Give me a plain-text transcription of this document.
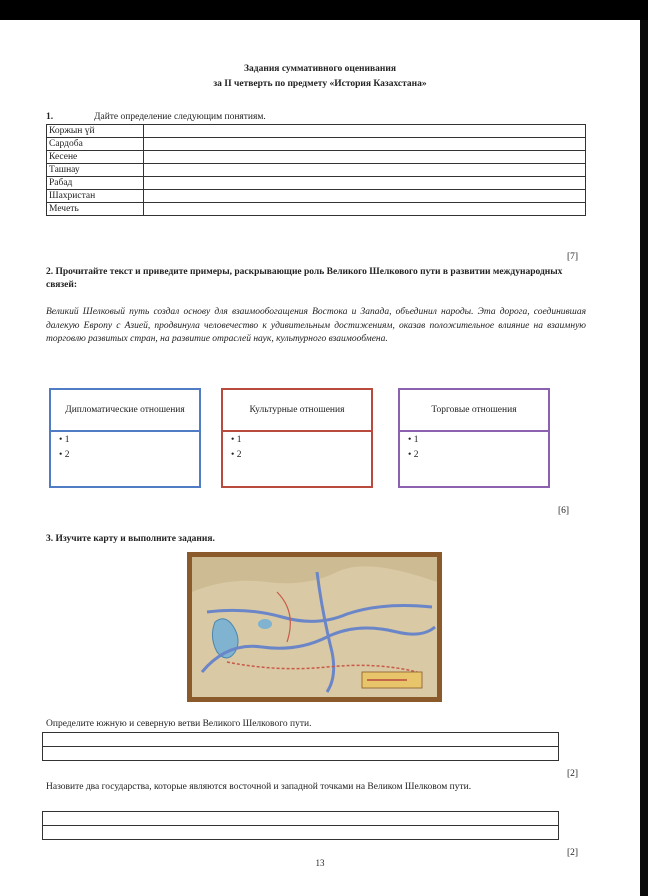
Задания суммативного оценивания
за II четверть по предмету «История Казахстана»
1.	Дайте определение следующим понятиям.
Коржын үй	
Сардоба	
Кесене	
Ташнау	
Рабад	
Шахристан	
Мечеть	
[7]
2. Прочитайте текст и приведите примеры, раскрывающие роль Великого Шелкового пути в развитии международных связей:
Великий Шелковый путь создал основу для взаимообогащения Востока и Запада, объединил народы. Эта дорога, соединившая далекую Европу с Азией, продвинула человечество к удивительным достижениям, оказав положительное влияние на взаимную торговлю развитых стран, на развитие отраслей наук, культурного взаимообмена.
Дипломатические отношения
• 1
• 2
Культурные отношения
• 1
• 2
Торговые отношения
• 1
• 2
[6]
3. Изучите карту и выполните задания.
Определите южную и северную ветви Великого Шелкового пути.
[2]
Назовите два государства, которые являются восточной и западной точками на Великом Шелковом пути.
[2]
13
